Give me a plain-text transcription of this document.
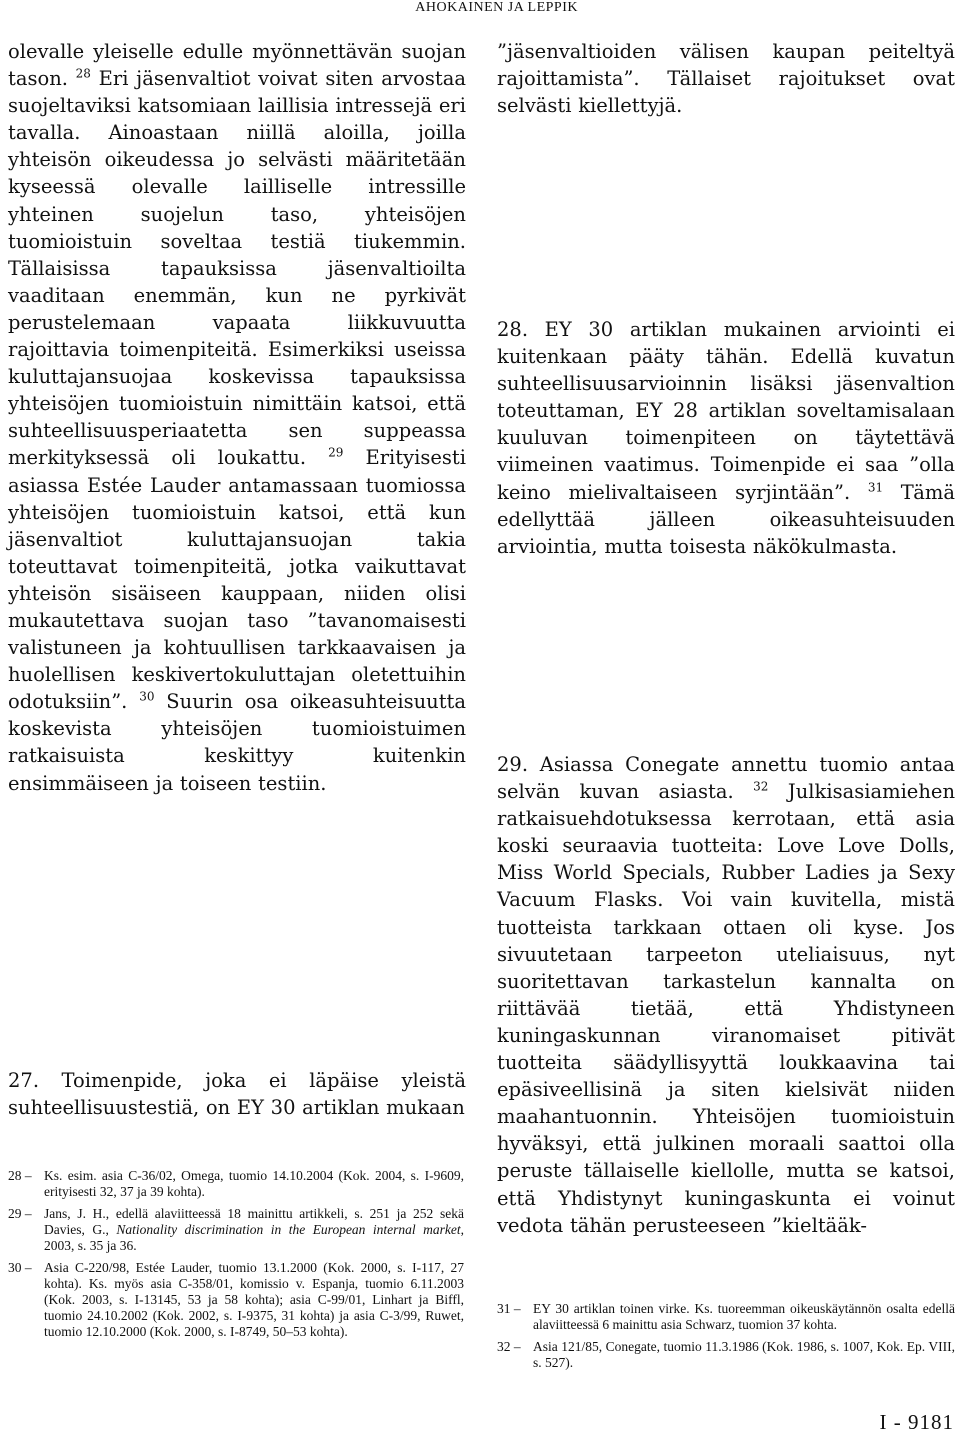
AHOKAINEN JA LEPPIK

olevalle yleiselle edulle myönnettävän suojan tason. $^{28}$ Eri jäsenvaltiot voivat siten arvostaa suojeltaviksi katsomiaan laillisia intressejä eri tavalla. Ainoastaan niillä aloilla, joilla yhteisön oikeudessa jo selvästi määritetään kyseessä olevalle lailliselle intressille yhteinen suojelun taso, yhteisöjen tuomioistuin soveltaa testiä tiukemmin. Tällaisissa tapauksissa jäsenvaltioilta vaaditaan enemmän, kun ne pyrkivät perustelemaan vapaata liikkuvuutta rajoittavia toimenpiteitä. Esimerkiksi useissa kuluttajansuojaa koskevissa tapauksissa yhteisöjen tuomioistuin nimittäin katsoi, että suhteellisuusperiaatetta sen suppeassa merkityksessä oli loukattu. $^{29}$ Erityisesti asiassa Estée Lauder antamassaan tuomiossa yhteisöjen tuomioistuin katsoi, että kun jäsenvaltiot kuluttajansuojan takia toteuttavat toimenpiteitä, jotka vaikuttavat yhteisön sisäiseen kauppaan, niiden olisi mukautettava suojan taso ”tavanomaisesti valistuneen ja kohtuullisen tarkkaavaisen ja huolellisen keskivertokuluttajan oletettuihin odotuksiin”. $^{30}$ Suurin osa oikeasuhteisuutta koskevista yhteisöjen tuomioistuimen ratkaisuista keskittyy kuitenkin ensimmäiseen ja toiseen testiin.

27. Toimenpide, joka ei läpäise yleistä suhteellisuustestiä, on EY 30 artiklan mukaan

28 – Ks. esim. asia C-36/02, Omega, tuomio 14.10.2004 (Kok. 2004, s. I-9609, erityisesti 32, 37 ja 39 kohta).
29 – Jans, J. H., edellä alaviitteessä 18 mainittu artikkeli, s. 251 ja 252 sekä Davies, G., Nationality discrimination in the European internal market, 2003, s. 35 ja 36.
30 – Asia C-220/98, Estée Lauder, tuomio 13.1.2000 (Kok. 2000, s. I-117, 27 kohta). Ks. myös asia C-358/01, komissio v. Espanja, tuomio 6.11.2003 (Kok. 2003, s. I-13145, 53 ja 58 kohta); asia C-99/01, Linhart ja Biffl, tuomio 24.10.2002 (Kok. 2002, s. I-9375, 31 kohta) ja asia C-3/99, Ruwet, tuomio 12.10.2000 (Kok. 2000, s. I-8749, 50–53 kohta).

”jäsenvaltioiden välisen kaupan peiteltyä rajoittamista”. Tällaiset rajoitukset ovat selvästi kiellettyjä.

28. EY 30 artiklan mukainen arviointi ei kuitenkaan pääty tähän. Edellä kuvatun suhteellisuusarvioinnin lisäksi jäsenvaltion toteuttaman, EY 28 artiklan soveltamisalaan kuuluvan toimenpiteen on täytettävä viimeinen vaatimus. Toimenpide ei saa ”olla keino mielivaltaiseen syrjintään”. $^{31}$ Tämä edellyttää jälleen oikeasuhteisuuden arviointia, mutta toisesta näkökulmasta.

29. Asiassa Conegate annettu tuomio antaa selvän kuvan asiasta. $^{32}$ Julkisasiamiehen ratkaisuehdotuksessa kerrotaan, että asia koski seuraavia tuotteita: Love Love Dolls, Miss World Specials, Rubber Ladies ja Sexy Vacuum Flasks. Voi vain kuvitella, mistä tuotteista tarkkaan ottaen oli kyse. Jos sivuutetaan tarpeeton uteliaisuus, nyt suoritettavan tarkastelun kannalta on riittävää tietää, että Yhdistyneen kuningaskunnan viranomaiset pitivät tuotteita säädyllisyyttä loukkaavina tai epäsiveellisinä ja siten kielsivät niiden maahantuonnin. Yhteisöjen tuomioistuin hyväksyi, että julkinen moraali saattoi olla peruste tällaiselle kiellolle, mutta se katsoi, että Yhdistynyt kuningaskunta ei voinut vedota tähän perusteeseen ”kieltääk-

31 – EY 30 artiklan toinen virke. Ks. tuoreemman oikeuskäytännön osalta edellä alaviitteessä 6 mainittu asia Schwarz, tuomion 37 kohta.
32 – Asia 121/85, Conegate, tuomio 11.3.1986 (Kok. 1986, s. 1007, Kok. Ep. VIII, s. 527).
I - 9181
